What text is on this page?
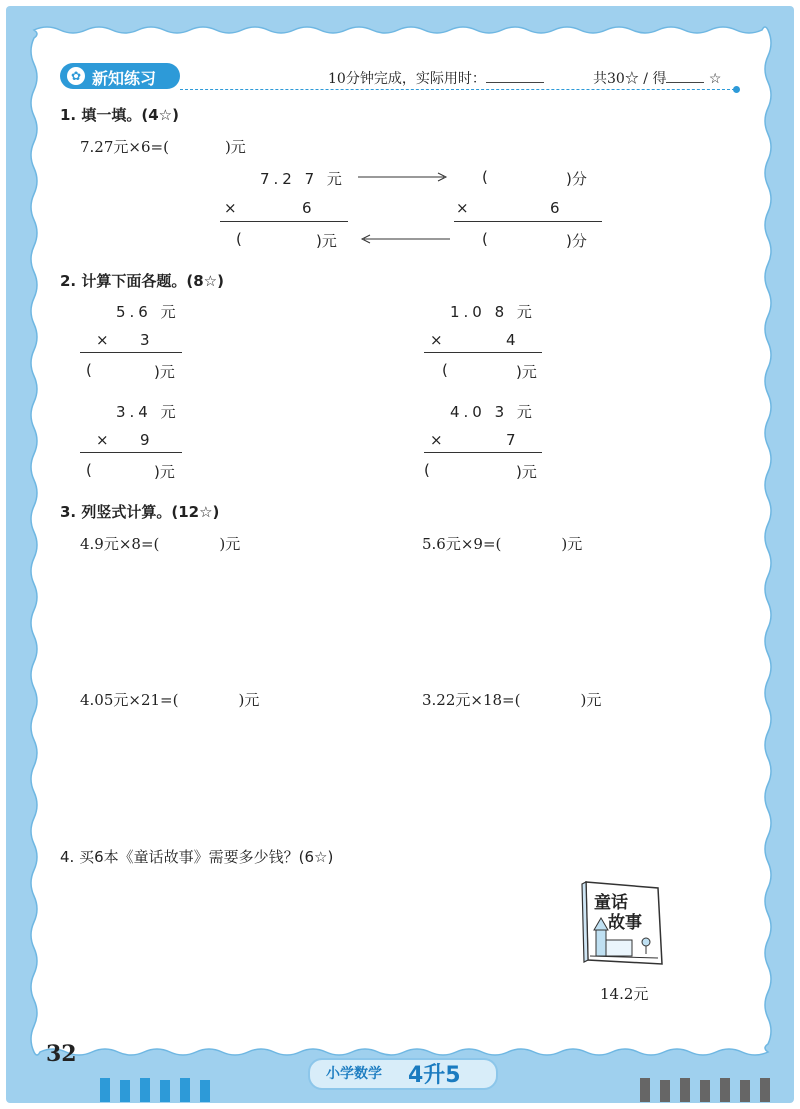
✿ 新知练习	10分钟完成，实际用时：	共30☆ / 得	☆
1. 填一填。(4☆)
7.27元×6=(	)元
7.2 7 元	(	)分
×	6	×	6
(	)元	(	)分
2. 计算下面各题。(8☆)
5.6 元
× 3
(	)元
1.0 8 元
×	4
(	)元
3.4 元
× 9
(	)元
4.0 3 元
×	7
(	)元
3. 列竖式计算。(12☆)
4.9元×8=(	)元	5.6元×9=(	)元
4.05元×21=(	)元	3.22元×18=(	)元
4. 买6本《童话故事》需要多少钱？(6☆)
童话
故事
14.2元
32
小学数学 4升5
